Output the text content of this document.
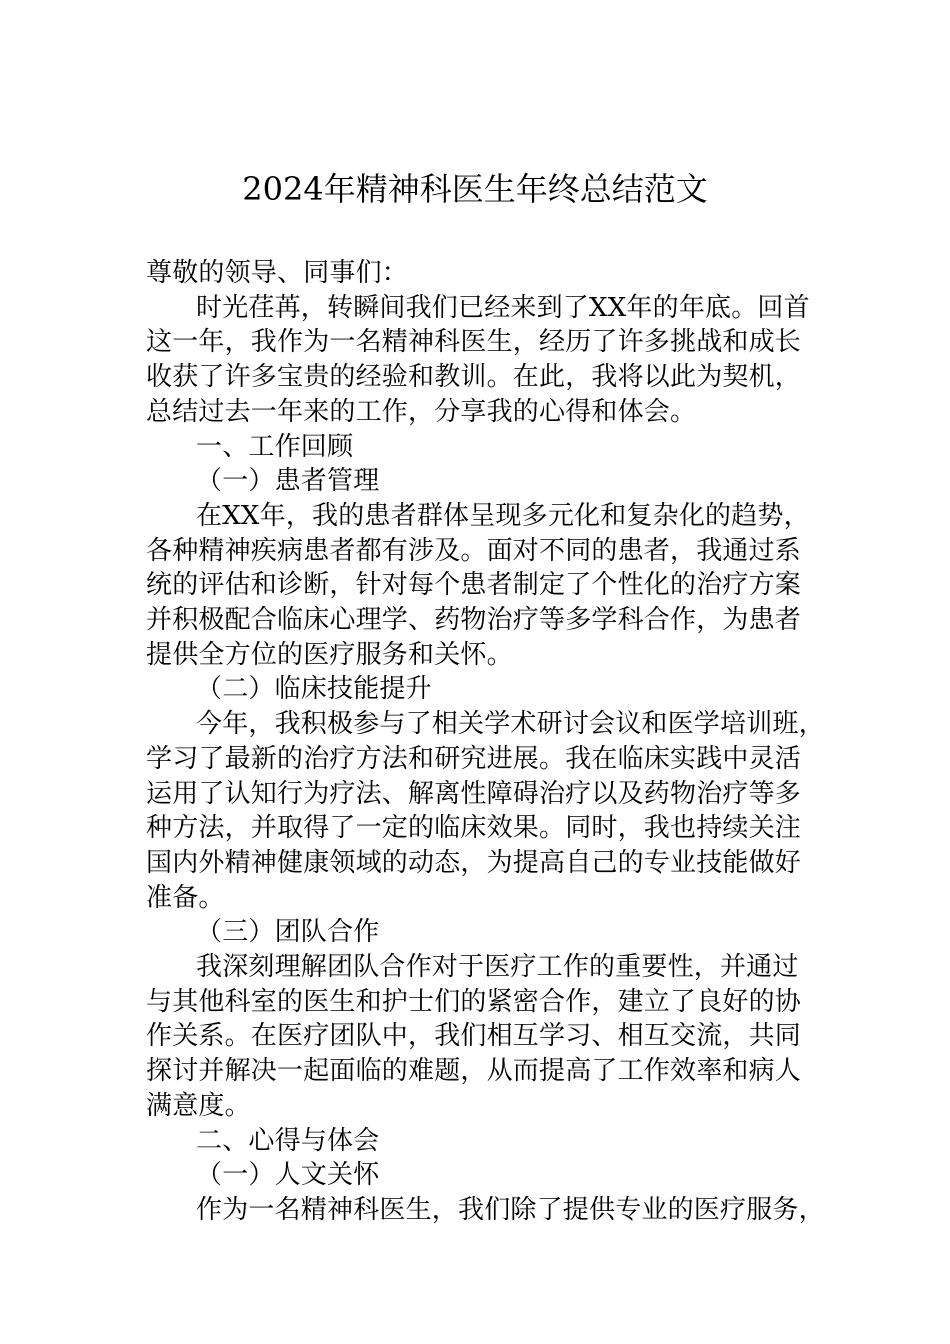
2024年精神科医生年终总结范文
尊敬的领导、同事们：
时光荏苒，转瞬间我们已经来到了XX年的年底。回首
这一年，我作为一名精神科医生，经历了许多挑战和成长
收获了许多宝贵的经验和教训。在此，我将以此为契机，
总结过去一年来的工作，分享我的心得和体会。
一、工作回顾
（一）患者管理
在XX年，我的患者群体呈现多元化和复杂化的趋势，
各种精神疾病患者都有涉及。面对不同的患者，我通过系
统的评估和诊断，针对每个患者制定了个性化的治疗方案
并积极配合临床心理学、药物治疗等多学科合作，为患者
提供全方位的医疗服务和关怀。
（二）临床技能提升
今年，我积极参与了相关学术研讨会议和医学培训班，
学习了最新的治疗方法和研究进展。我在临床实践中灵活
运用了认知行为疗法、解离性障碍治疗以及药物治疗等多
种方法，并取得了一定的临床效果。同时，我也持续关注
国内外精神健康领域的动态，为提高自己的专业技能做好
准备。
（三）团队合作
我深刻理解团队合作对于医疗工作的重要性，并通过
与其他科室的医生和护士们的紧密合作，建立了良好的协
作关系。在医疗团队中，我们相互学习、相互交流，共同
探讨并解决一起面临的难题，从而提高了工作效率和病人
满意度。
二、心得与体会
（一）人文关怀
作为一名精神科医生，我们除了提供专业的医疗服务，
